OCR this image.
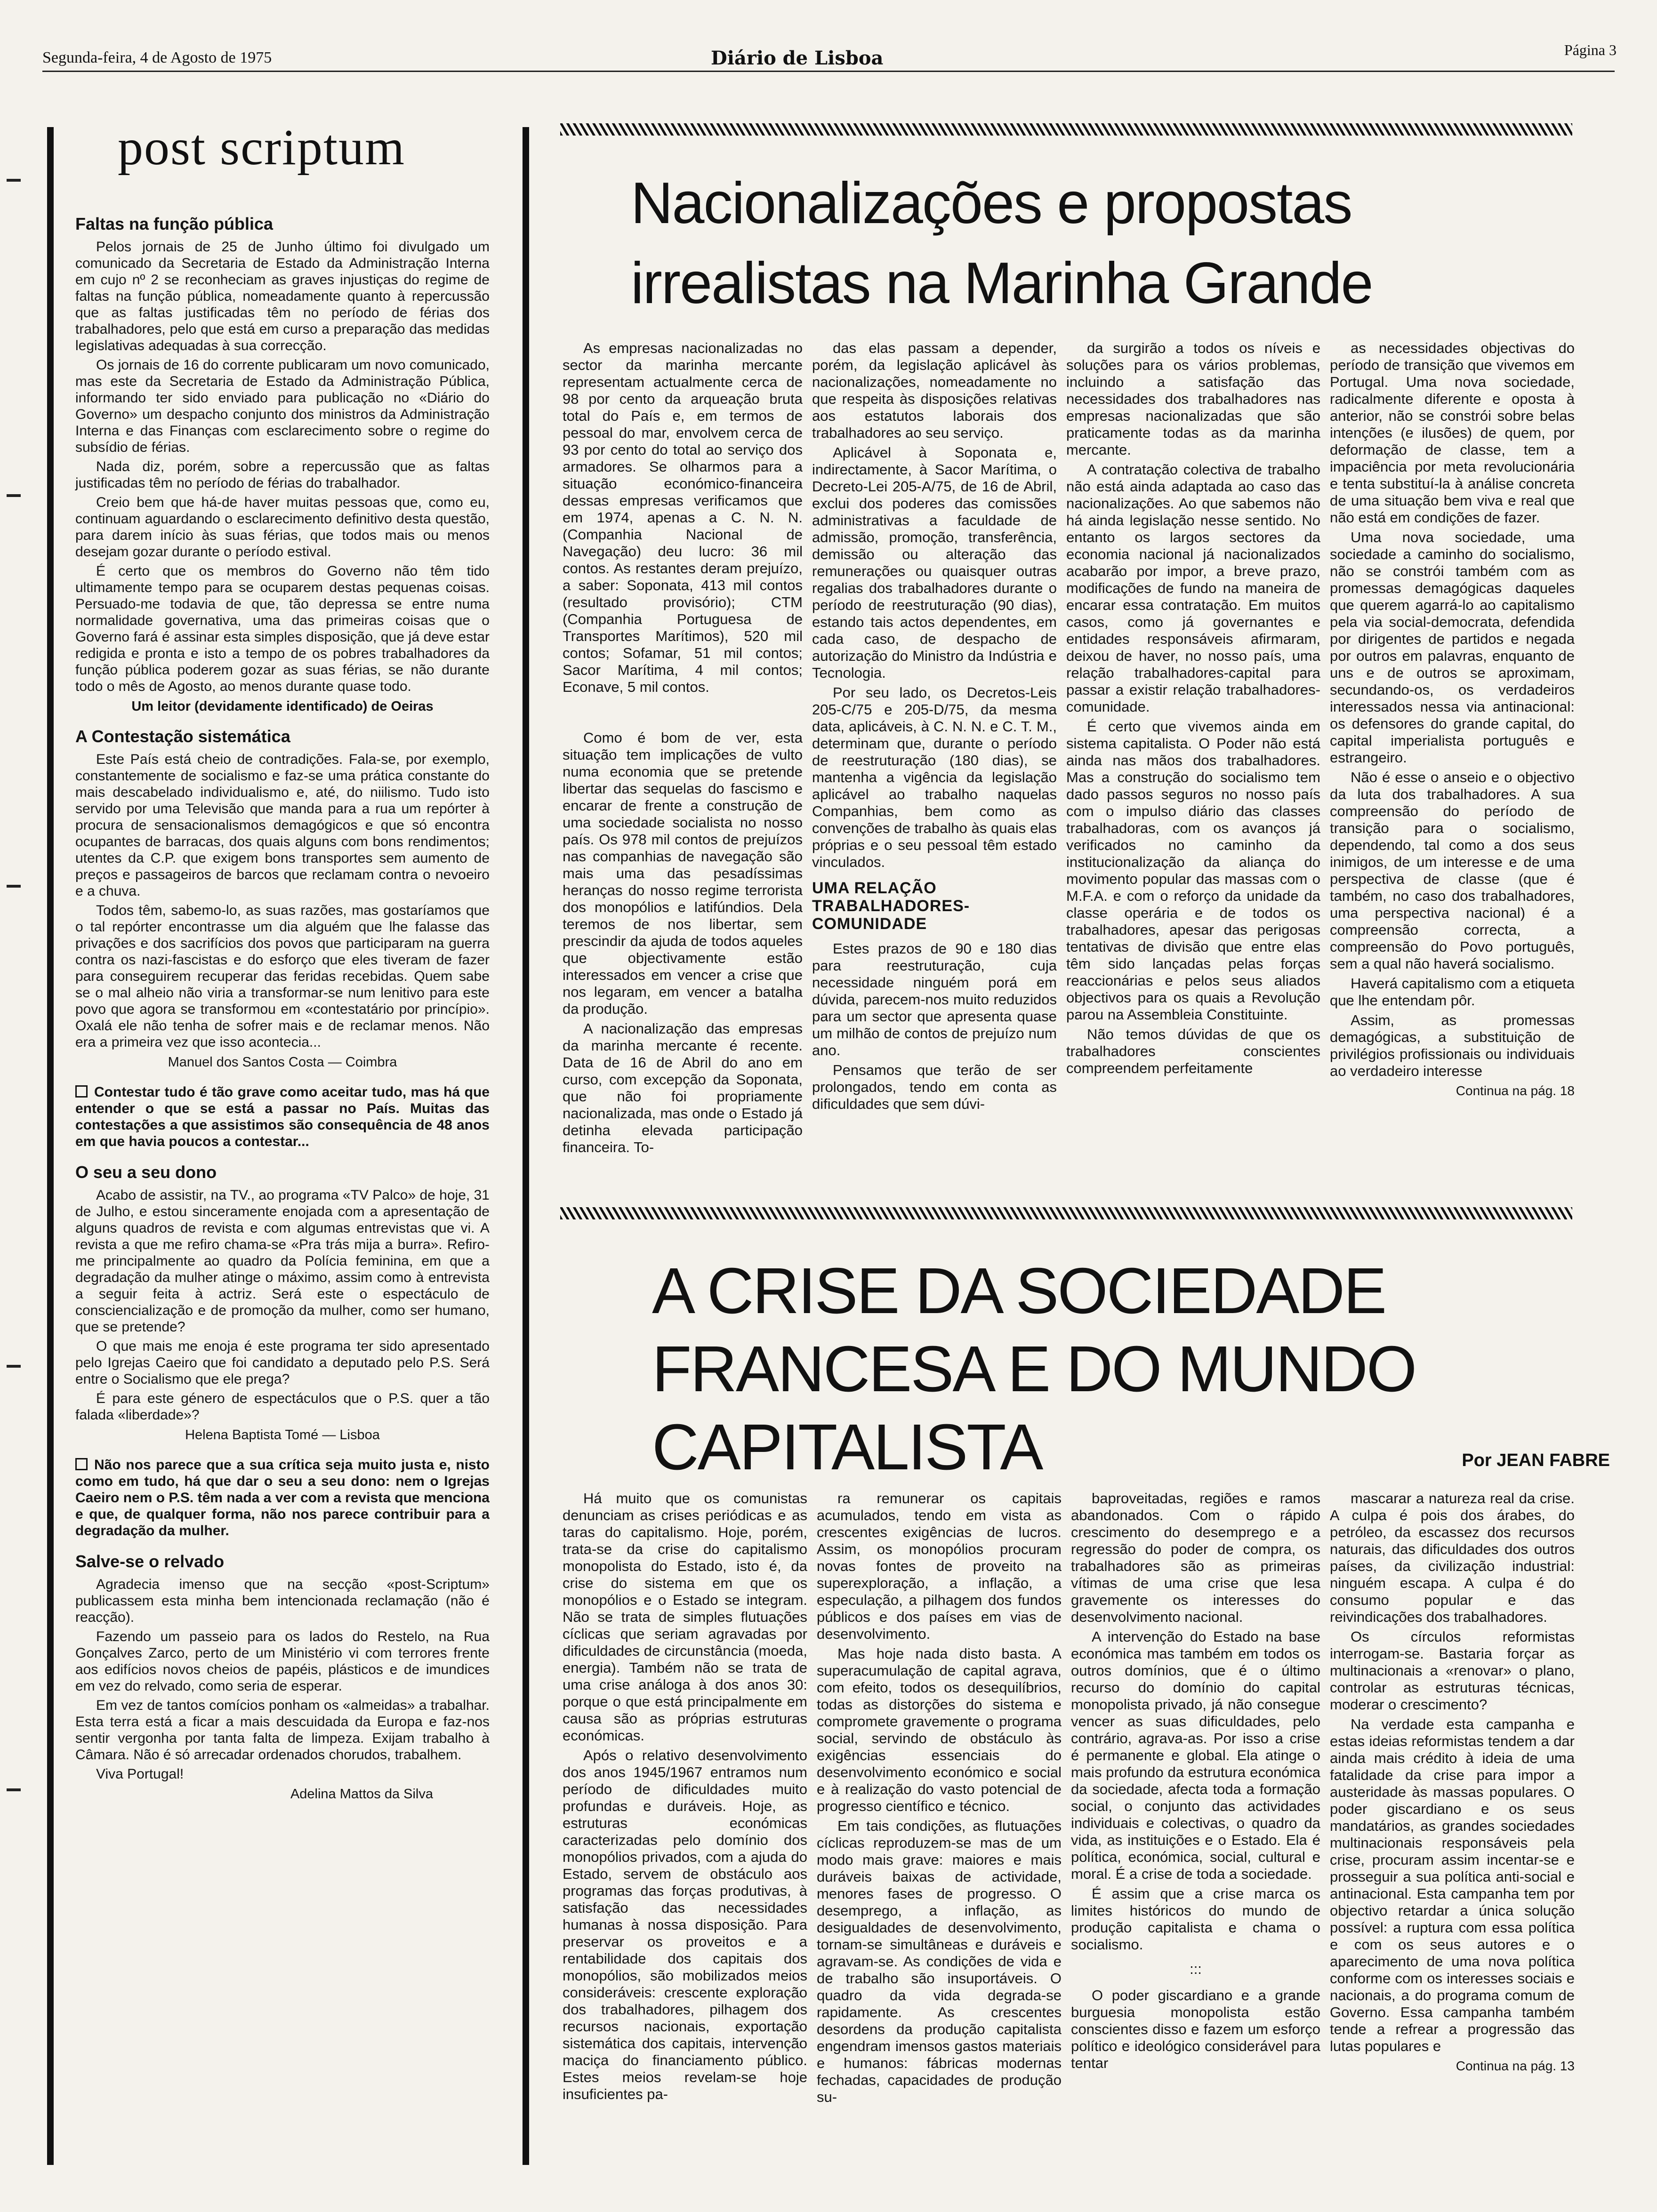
Segunda-feira, 4 de Agosto de 1975	Diário de Lisboa	Página 3
post scriptum
Faltas na função pública

Pelos jornais de 25 de Junho último foi divulgado um comunicado da Secretaria de Estado da Administração Interna em cujo nº 2 se reconheciam as graves injustiças do regime de faltas na função pública, nomeadamente quanto à repercussão que as faltas justificadas têm no período de férias dos trabalhadores, pelo que está em curso a preparação das medidas legislativas adequadas à sua correcção.

Os jornais de 16 do corrente publicaram um novo comunicado, mas este da Secretaria de Estado da Administração Pública, informando ter sido enviado para publicação no «Diário do Governo» um despacho conjunto dos ministros da Administração Interna e das Finanças com esclarecimento sobre o regime do subsídio de férias.

Nada diz, porém, sobre a repercussão que as faltas justificadas têm no período de férias do trabalhador.

Creio bem que há-de haver muitas pessoas que, como eu, continuam aguardando o esclarecimento definitivo desta questão, para darem início às suas férias, que todos mais ou menos desejam gozar durante o período estival.

É certo que os membros do Governo não têm tido ultimamente tempo para se ocuparem destas pequenas coisas. Persuado-me todavia de que, tão depressa se entre numa normalidade governativa, uma das primeiras coisas que o Governo fará é assinar esta simples disposição, que já deve estar redigida e pronta e isto a tempo de os pobres trabalhadores da função pública poderem gozar as suas férias, se não durante todo o mês de Agosto, ao menos durante quase todo.

Um leitor (devidamente identificado) de Oeiras
A Contestação sistemática

Este País está cheio de contradições. Fala-se, por exemplo, constantemente de socialismo e faz-se uma prática constante do mais descabelado individualismo e, até, do niilismo. Tudo isto servido por uma Televisão que manda para a rua um repórter à procura de sensacionalismos demagógicos e que só encontra ocupantes de barracas, dos quais alguns com bons rendimentos; utentes da C.P. que exigem bons transportes sem aumento de preços e passageiros de barcos que reclamam contra o nevoeiro e a chuva.

Todos têm, sabemo-lo, as suas razões, mas gostaríamos que o tal repórter encontrasse um dia alguém que lhe falasse das privações e dos sacrifícios dos povos que participaram na guerra contra os nazi-fascistas e do esforço que eles tiveram de fazer para conseguirem recuperar das feridas recebidas. Quem sabe se o mal alheio não viria a transformar-se num lenitivo para este povo que agora se transformou em «contestatário por princípio». Oxalá ele não tenha de sofrer mais e de reclamar menos. Não era a primeira vez que isso acontecia...

Manuel dos Santos Costa — Coimbra

Contestar tudo é tão grave como aceitar tudo, mas há que entender o que se está a passar no País. Muitas das contestações a que assistimos são consequência de 48 anos em que havia poucos a contestar...

O seu a seu dono

Acabo de assistir, na TV., ao programa «TV Palco» de hoje, 31 de Julho, e estou sinceramente enojada com a apresentação de alguns quadros de revista e com algumas entrevistas que vi. A revista a que me refiro chama-se «Pra trás mija a burra». Refiro-me principalmente ao quadro da Polícia feminina, em que a degradação da mulher atinge o máximo, assim como à entrevista a seguir feita à actriz. Será este o espectáculo de consciencialização e de promoção da mulher, como ser humano, que se pretende?

O que mais me enoja é este programa ter sido apresentado pelo Igrejas Caeiro que foi candidato a deputado pelo P.S. Será entre o Socialismo que ele prega?

É para este género de espectáculos que o P.S. quer a tão falada «liberdade»?

Helena Baptista Tomé — Lisboa

Não nos parece que a sua crítica seja muito justa e, nisto como em tudo, há que dar o seu a seu dono: nem o Igrejas Caeiro nem o P.S. têm nada a ver com a revista que menciona e que, de qualquer forma, não nos parece contribuir para a degradação da mulher.

Salve-se o relvado

Agradecia imenso que na secção «post-Scriptum» publicassem esta minha bem intencionada reclamação (não é reacção).

Fazendo um passeio para os lados do Restelo, na Rua Gonçalves Zarco, perto de um Ministério vi com terrores frente aos edifícios novos cheios de papéis, plásticos e de imundices em vez do relvado, como seria de esperar.

Em vez de tantos comícios ponham os «almeidas» a trabalhar. Esta terra está a ficar a mais descuidada da Europa e faz-nos sentir vergonha por tanta falta de limpeza. Exijam trabalho à Câmara. Não é só arrecadar ordenados chorudos, trabalhem.

Viva Portugal!

Adelina Mattos da Silva
Nacionalizações e propostas
irrealistas na Marinha Grande

As empresas nacionalizadas no sector da marinha mercante representam actualmente cerca de 98 por cento da arqueação bruta total do País e, em termos de pessoal do mar, envolvem cerca de 93 por cento do total ao serviço dos armadores. Se olharmos para a situação económico-financeira dessas empresas verificamos que em 1974, apenas a C. N. N. (Companhia Nacional de Navegação) deu lucro: 36 mil contos. As restantes deram prejuízo, a saber: Soponata, 413 mil contos (resultado provisório); CTM (Companhia Portuguesa de Transportes Marítimos), 520 mil contos; Sofamar, 51 mil contos; Sacor Marítima, 4 mil contos; Econave, 5 mil contos.

Como é bom de ver, esta situação tem implicações de vulto numa economia que se pretende libertar das sequelas do fascismo e encarar de frente a construção de uma sociedade socialista no nosso país. Os 978 mil contos de prejuízos nas companhias de navegação são mais uma das pesadíssimas heranças do nosso regime terrorista dos monopólios e latifúndios. Dela teremos de nos libertar, sem prescindir da ajuda de todos aqueles que objectivamente estão interessados em vencer a crise que nos legaram, em vencer a batalha da produção.

A nacionalização das empresas da marinha mercante é recente. Data de 16 de Abril do ano em curso, com excepção da Soponata, que não foi propriamente nacionalizada, mas onde o Estado já detinha elevada participação financeira. To-

das elas passam a depender, porém, da legislação aplicável às nacionalizações, nomeadamente no que respeita às disposições relativas aos estatutos laborais dos trabalhadores ao seu serviço.

Aplicável à Soponata e, indirectamente, à Sacor Marítima, o Decreto-Lei 205-A/75, de 16 de Abril, exclui dos poderes das comissões administrativas a faculdade de admissão, promoção, transferência, demissão ou alteração das remunerações ou quaisquer outras regalias dos trabalhadores durante o período de reestruturação (90 dias), estando tais actos dependentes, em cada caso, de despacho de autorização do Ministro da Indústria e Tecnologia.

Por seu lado, os Decretos-Leis 205-C/75 e 205-D/75, da mesma data, aplicáveis, à C. N. N. e C. T. M., determinam que, durante o período de reestruturação (180 dias), se mantenha a vigência da legislação aplicável ao trabalho naquelas Companhias, bem como as convenções de trabalho às quais elas próprias e o seu pessoal têm estado vinculados.

UMA RELAÇÃO TRABALHADORES-COMUNIDADE

Estes prazos de 90 e 180 dias para reestruturação, cuja necessidade ninguém porá em dúvida, parecem-nos muito reduzidos para um sector que apresenta quase um milhão de contos de prejuízo num ano.

Pensamos que terão de ser prolongados, tendo em conta as dificuldades que sem dúvi-

da surgirão a todos os níveis e soluções para os vários problemas, incluindo a satisfação das necessidades dos trabalhadores nas empresas nacionalizadas que são praticamente todas as da marinha mercante.

A contratação colectiva de trabalho não está ainda adaptada ao caso das nacionalizações. Ao que sabemos não há ainda legislação nesse sentido. No entanto os largos sectores da economia nacional já nacionalizados acabarão por impor, a breve prazo, modificações de fundo na maneira de encarar essa contratação. Em muitos casos, como já governantes e entidades responsáveis afirmaram, deixou de haver, no nosso país, uma relação trabalhadores-capital para passar a existir relação trabalhadores-comunidade.

É certo que vivemos ainda em sistema capitalista. O Poder não está ainda nas mãos dos trabalhadores. Mas a construção do socialismo tem dado passos seguros no nosso país com o impulso diário das classes trabalhadoras, com os avanços já verificados no caminho da institucionalização da aliança do movimento popular das massas com o M.F.A. e com o reforço da unidade da classe operária e de todos os trabalhadores, apesar das perigosas tentativas de divisão que entre elas têm sido lançadas pelas forças reaccionárias e pelos seus aliados objectivos para os quais a Revolução parou na Assembleia Constituinte.

Não temos dúvidas de que os trabalhadores conscientes compreendem perfeitamente

as necessidades objectivas do período de transição que vivemos em Portugal. Uma nova sociedade, radicalmente diferente e oposta à anterior, não se constrói sobre belas intenções (e ilusões) de quem, por deformação de classe, tem a impaciência por meta revolucionária e tenta substituí-la à análise concreta de uma situação bem viva e real que não está em condições de fazer.

Uma nova sociedade, uma sociedade a caminho do socialismo, não se constrói também com as promessas demagógicas daqueles que querem agarrá-lo ao capitalismo pela via social-democrata, defendida por dirigentes de partidos e negada por outros em palavras, enquanto de uns e de outros se aproximam, secundando-os, os verdadeiros interessados nessa via antinacional: os defensores do grande capital, do capital imperialista português e estrangeiro.

Não é esse o anseio e o objectivo da luta dos trabalhadores. A sua compreensão do período de transição para o socialismo, dependendo, tal como a dos seus inimigos, de um interesse e de uma perspectiva de classe (que é também, no caso dos trabalhadores, uma perspectiva nacional) é a compreensão correcta, a compreensão do Povo português, sem a qual não haverá socialismo.

Haverá capitalismo com a etiqueta que lhe entendam pôr.

Assim, as promessas demagógicas, a substituição de privilégios profissionais ou individuais ao verdadeiro interesse

Continua na pág. 18
A CRISE DA SOCIEDADE
FRANCESA E DO MUNDO
CAPITALISTA	Por JEAN FABRE

Há muito que os comunistas denunciam as crises periódicas e as taras do capitalismo. Hoje, porém, trata-se da crise do capitalismo monopolista do Estado, isto é, da crise do sistema em que os monopólios e o Estado se integram. Não se trata de simples flutuações cíclicas que seriam agravadas por dificuldades de circunstância (moeda, energia). Também não se trata de uma crise análoga à dos anos 30: porque o que está principalmente em causa são as próprias estruturas económicas.

Após o relativo desenvolvimento dos anos 1945/1967 entramos num período de dificuldades muito profundas e duráveis. Hoje, as estruturas económicas caracterizadas pelo domínio dos monopólios privados, com a ajuda do Estado, servem de obstáculo aos programas das forças produtivas, à satisfação das necessidades humanas à nossa disposição. Para preservar os proveitos e a rentabilidade dos capitais dos monopólios, são mobilizados meios consideráveis: crescente exploração dos trabalhadores, pilhagem dos recursos nacionais, exportação sistemática dos capitais, intervenção maciça do financiamento público. Estes meios revelam-se hoje insuficientes pa-

ra remunerar os capitais acumulados, tendo em vista as crescentes exigências de lucros. Assim, os monopólios procuram novas fontes de proveito na superexploração, a inflação, a especulação, a pilhagem dos fundos públicos e dos países em vias de desenvolvimento.

Mas hoje nada disto basta. A superacumulação de capital agrava, com efeito, todos os desequilíbrios, todas as distorções do sistema e compromete gravemente o programa social, servindo de obstáculo às exigências essenciais do desenvolvimento económico e social e à realização do vasto potencial de progresso científico e técnico.

Em tais condições, as flutuações cíclicas reproduzem-se mas de um modo mais grave: maiores e mais duráveis baixas de actividade, menores fases de progresso. O desemprego, a inflação, as desigualdades de desenvolvimento, tornam-se simultâneas e duráveis e agravam-se. As condições de vida e de trabalho são insuportáveis. O quadro da vida degrada-se rapidamente. As crescentes desordens da produção capitalista engendram imensos gastos materiais e humanos: fábricas modernas fechadas, capacidades de produção su-

baproveitadas, regiões e ramos abandonados. Com o rápido crescimento do desemprego e a regressão do poder de compra, os trabalhadores são as primeiras vítimas de uma crise que lesa gravemente os interesses do desenvolvimento nacional.

A intervenção do Estado na base económica mas também em todos os outros domínios, que é o último recurso do domínio do capital monopolista privado, já não consegue vencer as suas dificuldades, pelo contrário, agrava-as. Por isso a crise é permanente e global. Ela atinge o mais profundo da estrutura económica da sociedade, afecta toda a formação social, o conjunto das actividades individuais e colectivas, o quadro da vida, as instituições e o Estado. Ela é política, económica, social, cultural e moral. É a crise de toda a sociedade.

É assim que a crise marca os limites históricos do mundo de produção capitalista e chama o socialismo.

:::

O poder giscardiano e a grande burguesia monopolista estão conscientes disso e fazem um esforço político e ideológico considerável para tentar

mascarar a natureza real da crise. A culpa é pois dos árabes, do petróleo, da escassez dos recursos naturais, das dificuldades dos outros países, da civilização industrial: ninguém escapa. A culpa é do consumo popular e das reivindicações dos trabalhadores.

Os círculos reformistas interrogam-se. Bastaria forçar as multinacionais a «renovar» o plano, controlar as estruturas técnicas, moderar o crescimento?

Na verdade esta campanha e estas ideias reformistas tendem a dar ainda mais crédito à ideia de uma fatalidade da crise para impor a austeridade às massas populares. O poder giscardiano e os seus mandatários, as grandes sociedades multinacionais responsáveis pela crise, procuram assim incentar-se e prosseguir a sua política anti-social e antinacional. Esta campanha tem por objectivo retardar a única solução possível: a ruptura com essa política e com os seus autores e o aparecimento de uma nova política conforme com os interesses sociais e nacionais, a do programa comum de Governo. Essa campanha também tende a refrear a progressão das lutas populares e

Continua na pág. 13
